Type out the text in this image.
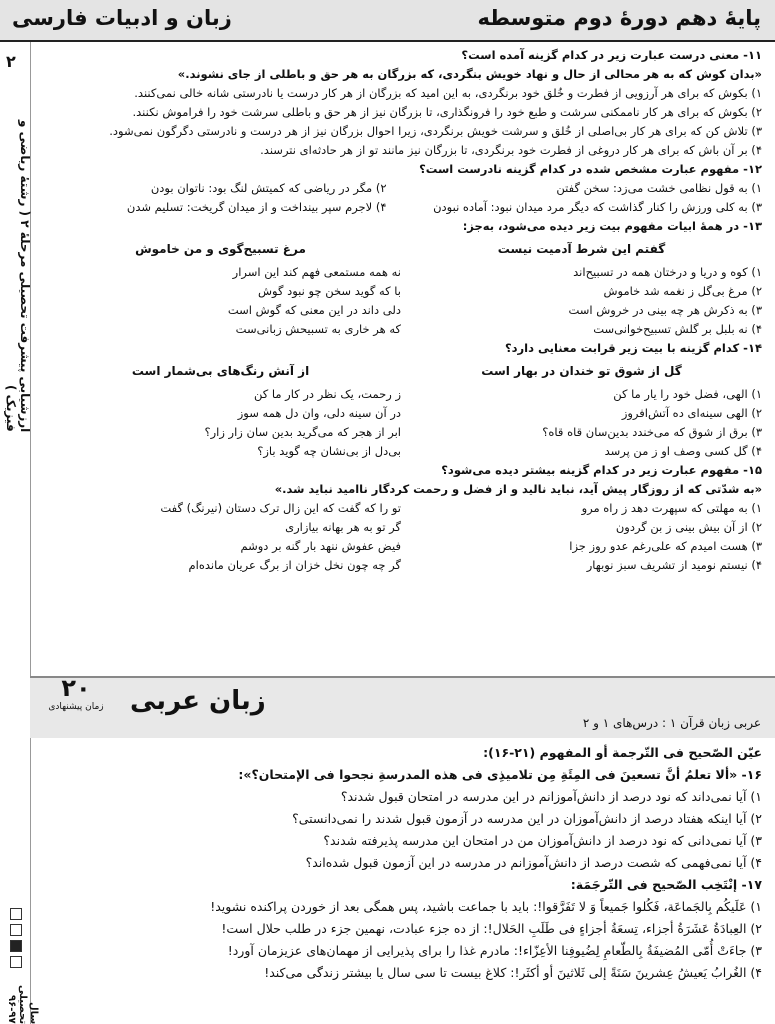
پایهٔ دهم دورهٔ دوم متوسطه
زبان و ادبیات فارسی
۲
ارزشیابی پیشرفت تحصیلی مرحلهٔ ۲ ( رشتهٔ ریاضی و فیزیک )
سال تحصیلی ۹۷-۹۶
۱۱- معنی درست عبارت زیر در کدام گزینه آمده است؟
«بدان کوش که به هر محالی از حال و نهاد خویش بنگردی، که بزرگان به هر حق و باطلی از جای نشوند.»
۱) بکوش که برای هر آرزویی از فطرت و خُلق خود برنگردی، به این امید که بزرگان از هر کار درست یا نادرستی شانه خالی نمی‌کنند.
۲) بکوش که برای هر کار ناممکنی سرشت و طبع خود را فرونگذاری، تا بزرگان نیز از هر حق و باطلی سرشت خود را فراموش نکنند.
۳) تلاش کن که برای هر کار بی‌اصلی از خُلق و سرشت خویش برنگردی، زیرا احوال بزرگان نیز از هر درست و نادرستی دگرگون نمی‌شود.
۴) بر آن باش که برای هر کار دروغی از فطرت خود برنگردی، تا بزرگان نیز مانند تو از هر حادثه‌ای نترسند.
۱۲- مفهوم عبارت مشخص شده در کدام گزینه نادرست است؟
۱) به قول نظامی خشت می‌زد: سخن گفتن
۲) مگر در ریاضی که کمیتش لنگ بود: ناتوان بودن
۳) به کلی ورزش را کنار گذاشت که دیگر مرد میدان نبود: آماده نبودن
۴) لاجرم سپر بینداخت و از میدان گریخت: تسلیم شدن
۱۳- در همهٔ ابیات مفهوم بیت زیر دیده می‌شود، به‌جز:
گفتم این شرط آدمیت نیست
مرغ تسبیح‌گوی و من خاموش
۱) کوه و دریا و درختان همه در تسبیح‌اند
نه همه مستمعی فهم کند این اسرار
۲) مرغ بی‌گل ز نغمه شد خاموش
با که گوید سخن چو نبود گوش
۳) به ذکرش هر چه بینی در خروش است
دلی داند در این معنی که گوش است
۴) نه بلبل بر گلش تسبیح‌خوانی‌ست
که هر خاری به تسبیحش زبانی‌ست
۱۴- کدام گزینه با بیت زیر قرابت معنایی دارد؟
گل از شوق تو خندان در بهار است
از آنش رنگ‌های بی‌شمار است
۱) الهی، فضل خود را یار ما کن
ز رحمت، یک نظر در کار ما کن
۲) الهی سینه‌ای ده آتش‌افروز
در آن سینه دلی، وان دل همه سوز
۳) برق از شوق که می‌خندد بدین‌سان قاه قاه؟
ابر از هجر که می‌گرید بدین سان زار زار؟
۴) گل کسی وصف او ز من پرسد
بی‌دل از بی‌نشان چه گوید باز؟
۱۵- مفهوم عبارت زیر در کدام گزینه بیشتر دیده می‌شود؟
«به شدّتی که از روزگار پیش آید، نباید نالید و از فضل و رحمت کردگار ناامید نباید شد.»
۱) به مهلتی که سپهرت دهد ز راه مرو
تو را که گفت که این زال ترک دستان (نیرنگ) گفت
۲) از آن بیش بینی ز بن گردون
گر تو به هر بهانه بیازاری
۳) هست امیدم که علی‌رغم عدو روز جزا
فیض عفوش ننهد بار گنه بر دوشم
۴) نیستم نومید از تشریف سبز نوبهار
گر چه چون نخل خزان از برگ عریان مانده‌ام
۲۰
زمان پیشنهادی	زبان عربی
عربی زبان قرآن ۱ : درس‌های ۱ و ۲
عیّن الصّحیح فی التّرجمة أو المفهوم (۲۱-۱۶):
۱۶- «ألا تعلمُ أنَّ تسعینَ فی المِئَةِ مِن تلامیذِی فی هذه المدرسةِ نجحوا فی الإمتحان؟»:
۱) آیا نمی‌داند که نود درصد از دانش‌آموزانم در این مدرسه در امتحان قبول شدند؟
۲) آیا اینکه هفتاد درصد از دانش‌آموزان در این مدرسه در آزمون قبول شدند را نمی‌دانستی؟
۳) آیا نمی‌دانی که نود درصد از دانش‌آموزان من در امتحان این مدرسه پذیرفته شدند؟
۴) آیا نمی‌فهمی که شصت درصد از دانش‌آموزانم در مدرسه در این آزمون قبول شده‌اند؟
۱۷- إنْتَخِب الصّحیح فی التّرجَمَة:
۱) عَلَیکُم بِالجَماعَة، فَکُلوا جَمیعاً وَ لا تَفَرَّقوا!: باید با جماعت باشید، پس همگی بعد از خوردن پراکنده نشوید!
۲) العِبادَةُ عَشَرَةُ أجزاء، تِسعَةُ أجزاءٍ فی طَلَبِ الحَلال!: از ده جزء عبادت، نهمین جزء در طلب حلال است!
۳) جاءَتْ أُمّی المُضیفَةُ بِالطّعامِ لِضُیوفِنا الأعِزّاء!: مادرم غذا را برای پذیرایی از مهمان‌های عزیزمان آورد!
۴) الغُرابُ یَعیشُ عِشرینَ سَنَةً إلی ثَلاثینَ أو أکثَر!: کلاغ بیست تا سی سال یا بیشتر زندگی می‌کند!
